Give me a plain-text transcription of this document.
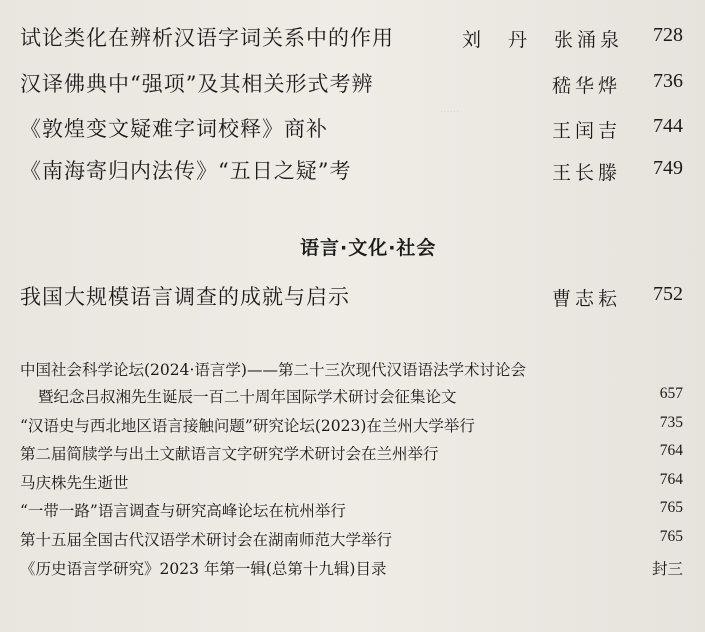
......
试论类化在辨析汉语字词关系中的作用	刘　丹　张涌泉 728
汉译佛典中“强项”及其相关形式考辨	嵇华烨 736
《敦煌变文疑难字词校释》商补	王闰吉 744
《南海寄归内法传》“五日之疑”考	王长滕 749
语言·文化·社会
我国大规模语言调查的成就与启示	曹志耘 752
中国社会科学论坛(2024·语言学)——第二十三次现代汉语语法学术讨论会
暨纪念吕叔湘先生诞辰一百二十周年国际学术研讨会征集论文	657
“汉语史与西北地区语言接触问题”研究论坛(2023)在兰州大学举行	735
第二届简牍学与出土文献语言文字研究学术研讨会在兰州举行	764
马庆株先生逝世	764
“一带一路”语言调查与研究高峰论坛在杭州举行	765
第十五届全国古代汉语学术研讨会在湖南师范大学举行	765
《历史语言学研究》2023 年第一辑(总第十九辑)目录	封三
